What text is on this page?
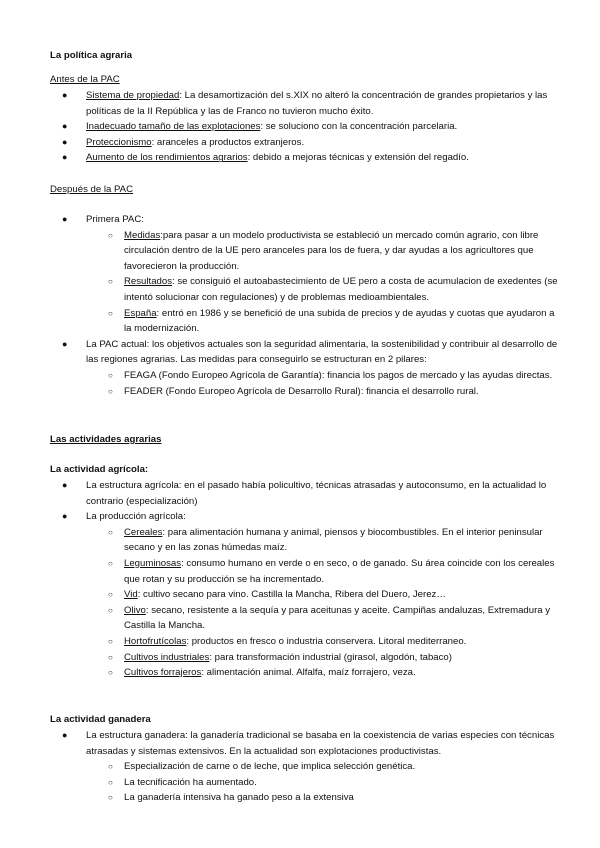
La política agraria
Antes de la PAC
● Sistema de propiedad: La desamortización del s.XIX no alteró la concentración de grandes propietarios y las políticas de la II República y las de Franco no tuvieron mucho éxito.
● Inadecuado tamaño de las explotaciones: se soluciono con la concentración parcelaria.
● Proteccionismo: aranceles a productos extranjeros.
● Aumento de los rendimientos agrarios: debido a mejoras técnicas y extensión del regadío.
Después de la PAC
● Primera PAC:
○ Medidas:para pasar a un modelo productivista se estableció un mercado común agrario, con libre circulación dentro de la UE pero aranceles para los de fuera, y dar ayudas a los agricultores que favorecieron la producción.
○ Resultados: se consiguió el autoabastecimiento de UE pero a costa de acumulacion de exedentes (se intentó solucionar con regulaciones) y de problemas medioambientales.
○ España: entró en 1986 y se benefició de una subida de precios y de ayudas y cuotas que ayudaron a la modernización.
● La PAC actual: los objetivos actuales son la seguridad alimentaria, la sostenibilidad y contribuir al desarrollo de las regiones agrarias. Las medidas para conseguirlo se estructuran en 2 pilares:
○ FEAGA (Fondo Europeo Agrícola de Garantía): financia los pagos de mercado y las ayudas directas.
○ FEADER (Fondo Europeo Agrícola de Desarrollo Rural): financia el desarrollo rural.
Las actividades agrarias
La actividad agrícola:
● La estructura agrícola: en el pasado había policultivo, técnicas atrasadas y autoconsumo, en la actualidad lo contrario (especialización)
● La producción agrícola:
○ Cereales: para alimentación humana y animal, piensos y biocombustibles. En el interior peninsular secano y en las zonas húmedas maíz.
○ Leguminosas: consumo humano en verde o en seco, o de ganado. Su área coincide con los cereales que rotan y su producción se ha incrementado.
○ Vid: cultivo secano para vino. Castilla la Mancha, Ribera del Duero, Jerez…
○ Olivo: secano, resistente a la sequía y para aceitunas y aceite. Campiñas andaluzas, Extremadura y Castilla la Mancha.
○ Hortofrutícolas: productos en fresco o industria conservera. Litoral mediterraneo.
○ Cultivos industriales: para transformación industrial (girasol, algodón, tabaco)
○ Cultivos forrajeros: alimentación animal. Alfalfa, maíz forrajero, veza.
La actividad ganadera
● La estructura ganadera: la ganadería tradicional se basaba en la coexistencia de varias especies con técnicas atrasadas y sistemas extensivos. En la actualidad son explotaciones productivistas.
○ Especialización de carne o de leche, que implica selección genética.
○ La tecnificación ha aumentado.
○ La ganadería intensiva ha ganado peso a la extensiva
